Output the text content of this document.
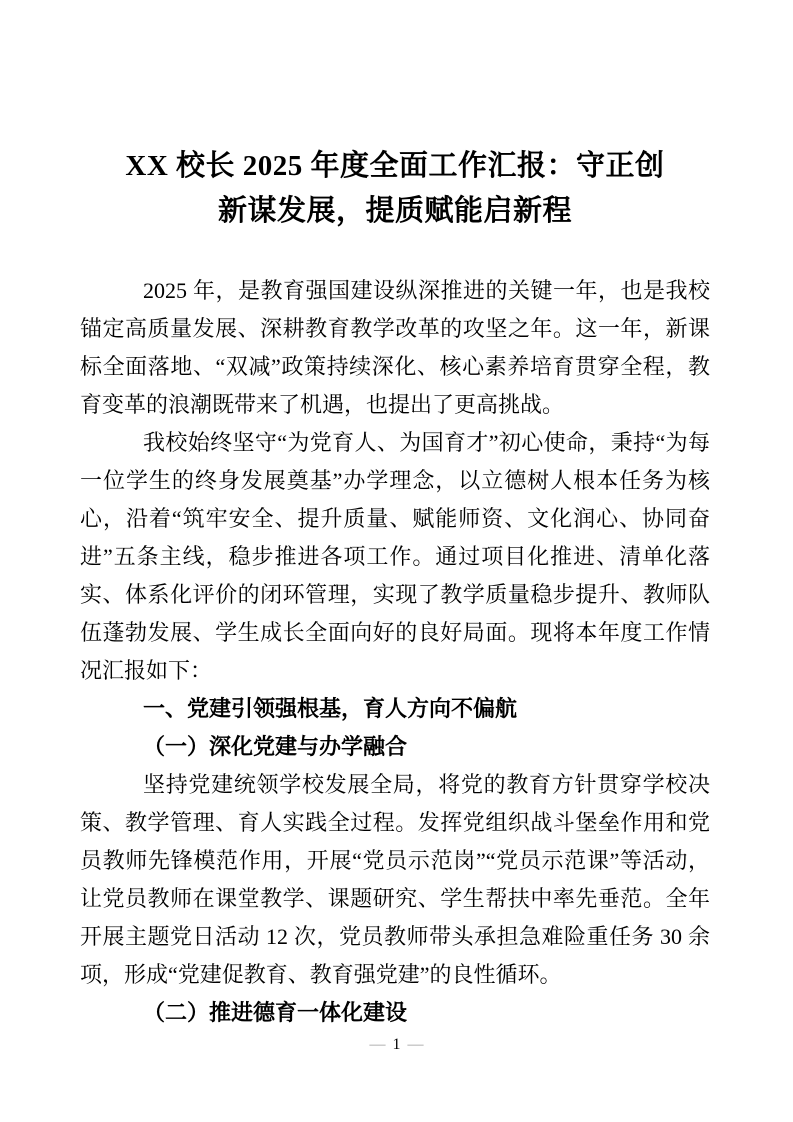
XX 校长 2025 年度全面工作汇报：守正创
新谋发展，提质赋能启新程

2025 年，是教育强国建设纵深推进的关键一年，也是我校锚定高质量发展、深耕教育教学改革的攻坚之年。这一年，新课标全面落地、“双减”政策持续深化、核心素养培育贯穿全程，教育变革的浪潮既带来了机遇，也提出了更高挑战。

我校始终坚守“为党育人、为国育才”初心使命，秉持“为每一位学生的终身发展奠基”办学理念，以立德树人根本任务为核心，沿着“筑牢安全、提升质量、赋能师资、文化润心、协同奋进”五条主线，稳步推进各项工作。通过项目化推进、清单化落实、体系化评价的闭环管理，实现了教学质量稳步提升、教师队伍蓬勃发展、学生成长全面向好的良好局面。现将本年度工作情况汇报如下：

一、党建引领强根基，育人方向不偏航

（一）深化党建与办学融合

坚持党建统领学校发展全局，将党的教育方针贯穿学校决策、教学管理、育人实践全过程。发挥党组织战斗堡垒作用和党员教师先锋模范作用，开展“党员示范岗”“党员示范课”等活动，让党员教师在课堂教学、课题研究、学生帮扶中率先垂范。全年开展主题党日活动 12 次，党员教师带头承担急难险重任务 30 余项，形成“党建促教育、教育强党建”的良性循环。

（二）推进德育一体化建设

— 1 —
